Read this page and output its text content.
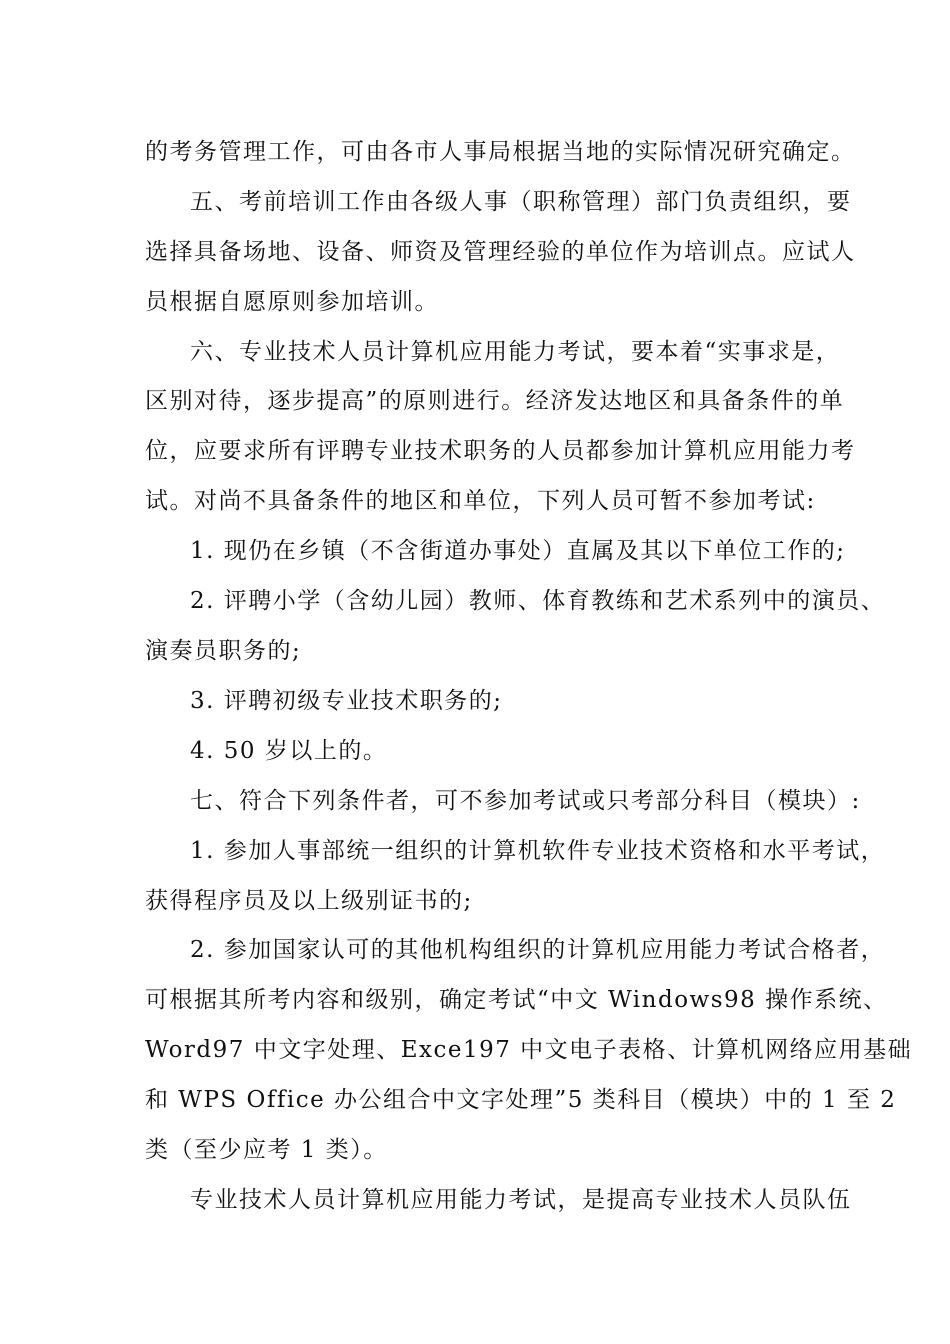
的考务管理工作，可由各市人事局根据当地的实际情况研究确定。
五、考前培训工作由各级人事（职称管理）部门负责组织，要
选择具备场地、设备、师资及管理经验的单位作为培训点。应试人
员根据自愿原则参加培训。
六、专业技术人员计算机应用能力考试，要本着“实事求是，
区别对待，逐步提高”的原则进行。经济发达地区和具备条件的单
位，应要求所有评聘专业技术职务的人员都参加计算机应用能力考
试。对尚不具备条件的地区和单位，下列人员可暂不参加考试:
1. 现仍在乡镇（不含街道办事处）直属及其以下单位工作的;
2. 评聘小学（含幼儿园）教师、体育教练和艺术系列中的演员、
演奏员职务的;
3. 评聘初级专业技术职务的;
4. 50 岁以上的。
七、符合下列条件者，可不参加考试或只考部分科目（模块）:
1. 参加人事部统一组织的计算机软件专业技术资格和水平考试，
获得程序员及以上级别证书的;
2. 参加国家认可的其他机构组织的计算机应用能力考试合格者，
可根据其所考内容和级别，确定考试“中文 Windows98 操作系统、
Word97 中文字处理、Exce197 中文电子表格、计算机网络应用基础
和 WPS Office 办公组合中文字处理”5 类科目（模块）中的 1 至 2
类（至少应考 1 类）。
专业技术人员计算机应用能力考试，是提高专业技术人员队伍
